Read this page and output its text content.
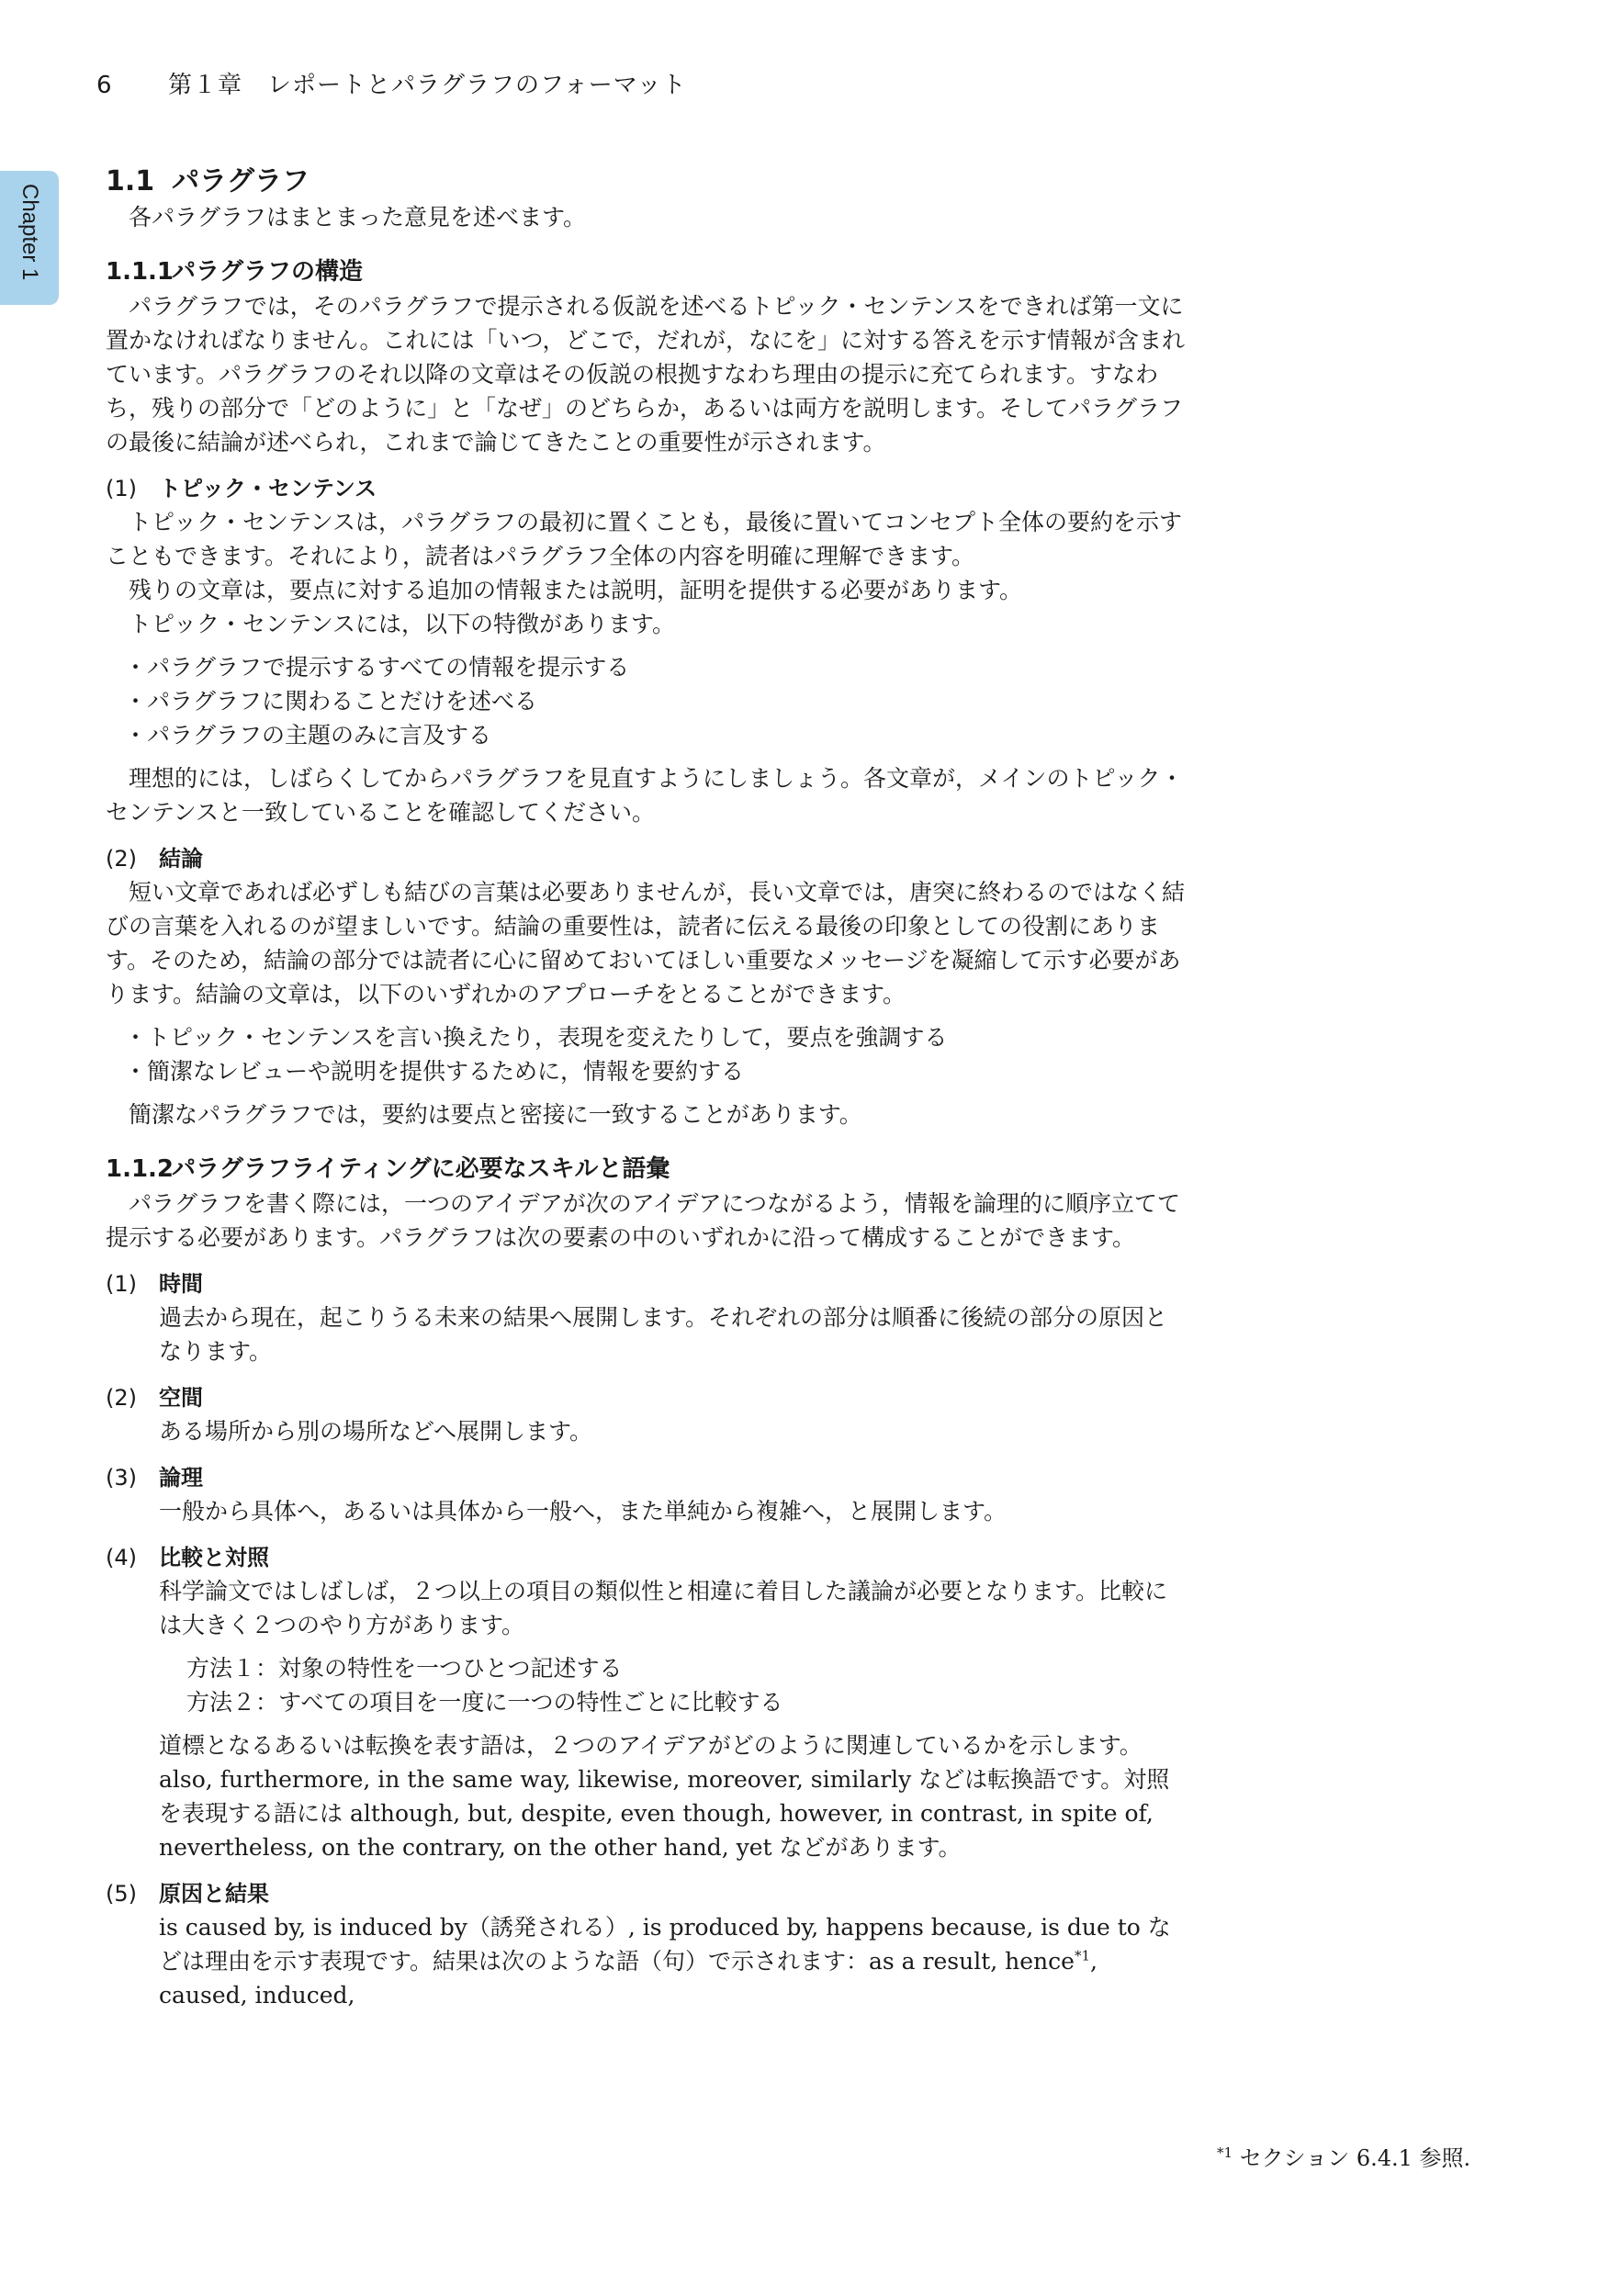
6 第１章　レポートとパラグラフのフォーマット
Chapter 1
1.1 パラグラフ

各パラグラフはまとまった意見を述べます。

1.1.1パラグラフの構造

パラグラフでは，そのパラグラフで提示される仮説を述べるトピック・センテンスをできれば第一文に置かなければなりません。これには「いつ，どこで，だれが，なにを」に対する答えを示す情報が含まれています。パラグラフのそれ以降の文章はその仮説の根拠すなわち理由の提示に充てられます。すなわち，残りの部分で「どのように」と「なぜ」のどちらか，あるいは両方を説明します。そしてパラグラフの最後に結論が述べられ，これまで論じてきたことの重要性が示されます。

(1) トピック・センテンス

トピック・センテンスは，パラグラフの最初に置くことも，最後に置いてコンセプト全体の要約を示すこともできます。それにより，読者はパラグラフ全体の内容を明確に理解できます。

残りの文章は，要点に対する追加の情報または説明，証明を提供する必要があります。

トピック・センテンスには，以下の特徴があります。

・ パラグラフで提示するすべての情報を提示する
・ パラグラフに関わることだけを述べる
・ パラグラフの主題のみに言及する

理想的には，しばらくしてからパラグラフを見直すようにしましょう。各文章が，メインのトピック・センテンスと一致していることを確認してください。

(2) 結論

短い文章であれば必ずしも結びの言葉は必要ありませんが，長い文章では，唐突に終わるのではなく結びの言葉を入れるのが望ましいです。結論の重要性は，読者に伝える最後の印象としての役割にあります。そのため，結論の部分では読者に心に留めておいてほしい重要なメッセージを凝縮して示す必要があります。結論の文章は，以下のいずれかのアプローチをとることができます。

・ トピック・センテンスを言い換えたり，表現を変えたりして，要点を強調する
・ 簡潔なレビューや説明を提供するために，情報を要約する

簡潔なパラグラフでは，要約は要点と密接に一致することがあります。

1.1.2パラグラフライティングに必要なスキルと語彙

パラグラフを書く際には，一つのアイデアが次のアイデアにつながるよう，情報を論理的に順序立てて提示する必要があります。パラグラフは次の要素の中のいずれかに沿って構成することができます。

(1) 時間

過去から現在，起こりうる未来の結果へ展開します。それぞれの部分は順番に後続の部分の原因となります。

(2) 空間

ある場所から別の場所などへ展開します。

(3) 論理

一般から具体へ，あるいは具体から一般へ，また単純から複雑へ，と展開します。

(4) 比較と対照

科学論文ではしばしば，２つ以上の項目の類似性と相違に着目した議論が必要となります。比較には大きく２つのやり方があります。

方法１：対象の特性を一つひとつ記述する
方法２：すべての項目を一度に一つの特性ごとに比較する

道標となるあるいは転換を表す語は，２つのアイデアがどのように関連しているかを示します。also, furthermore, in the same way, likewise, moreover, similarly などは転換語です。対照を表現する語には although, but, despite, even though, however, in contrast, in spite of, nevertheless, on the contrary, on the other hand, yet などがあります。

(5) 原因と結果

is caused by, is induced by（誘発される）, is produced by, happens because, is due to などは理由を示す表現です。結果は次のような語（句）で示されます：as a result, hence$^{*1}$, caused, induced,

$^{*1}$ セクション 6.4.1 参照.
